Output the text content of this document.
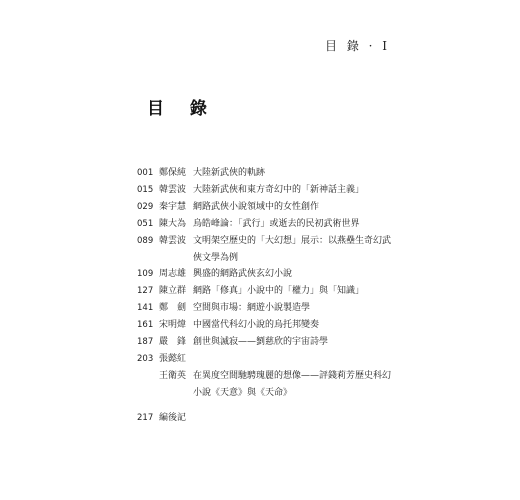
目 錄 · I
目 錄
001 鄭保純 大陸新武俠的軌跡
015 韓雲波 大陸新武俠和東方奇幻中的「新神話主義」
029 秦宇慧 網路武俠小說領域中的女性創作
051 陳大為 烏皓峰論：「武行」或逝去的民初武術世界
089 韓雲波 文明架空歷史的「大幻想」展示：以燕壘生奇幻武俠文學為例
109 周志雄 興盛的網路武俠玄幻小說
127 陳立群 網路「修真」小說中的「權力」與「知識」
141 鄭　劍 空間與市場：網遊小說製造學
161 宋明煒 中國當代科幻小說的烏托邦變奏
187 嚴　鋒 創世與滅寂——劉慈欣的宇宙詩學
203 張懿紅

王衛英 在異度空間馳騁瑰麗的想像——評錢莉芳歷史科幻小說《天意》與《天命》
217 編後記
